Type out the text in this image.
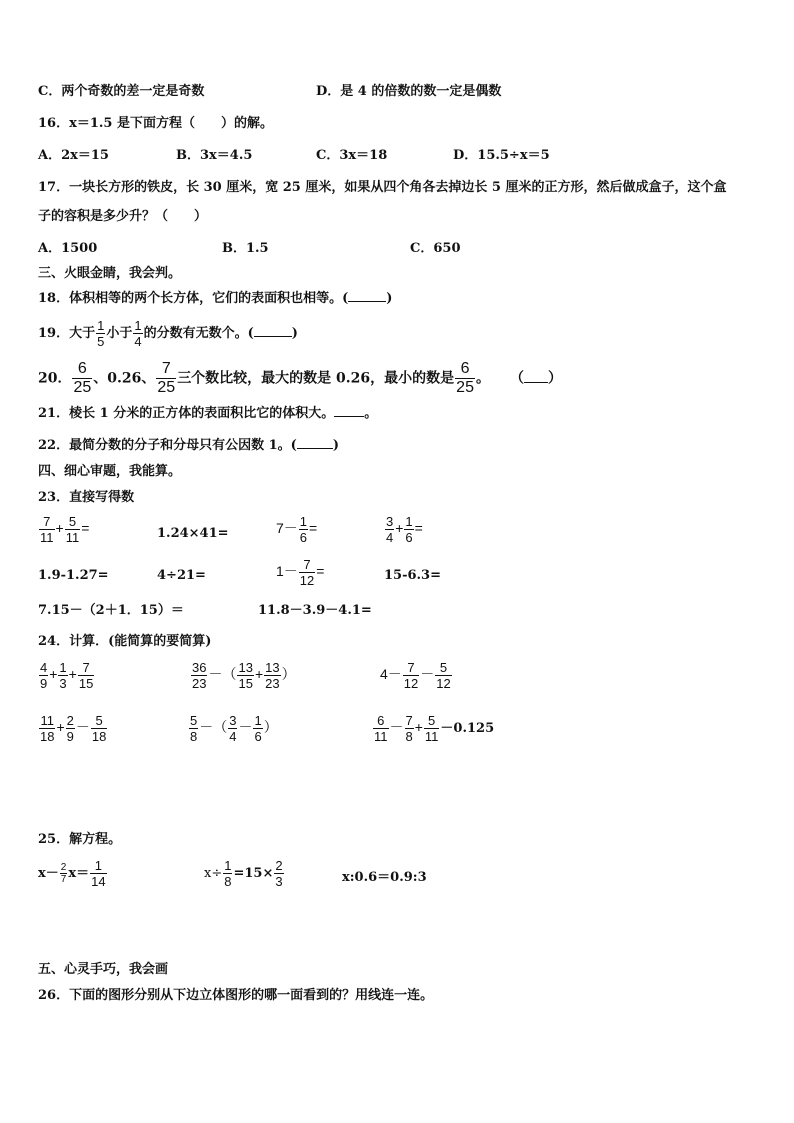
C．两个奇数的差一定是奇数	D．是 4 的倍数的数一定是偶数
16．x＝1.5 是下面方程（　　）的解。
A．2x＝15	B．3x＝4.5	C．3x＝18	D．15.5÷x＝5
17．一块长方形的铁皮，长 30 厘米，宽 25 厘米，如果从四个角各去掉边长 5 厘米的正方形，然后做成盒子，这个盒
子的容积是多少升？（　　）
A．1500	B．1.5	C．650
三、火眼金睛，我会判。
18．体积相等的两个长方体，它们的表面积也相等。(	)
19．大于 $\frac{1}{5}$ 小于 $\frac{1}{4}$ 的分数有无数个。(	)
20． $\frac{6}{25}$ 、0.26、 $\frac{7}{25}$ 三个数比较，最大的数是 0.26，最小的数是 $\frac{6}{25}$ 。 （ ）
21．棱长 1 分米的正方体的表面积比它的体积大。 。
22．最简分数的分子和分母只有公因数 1。(	)
四、细心审题，我能算。
23．直接写得数
$\frac{7}{11} + \frac{5}{11}$ =	1.24×41=	$7- \frac{1}{6}$ =	$\frac{3}{4} + \frac{1}{6}$ =
1.9-1.27=	4÷21=	$1- \frac{7}{12}$ =	15-6.3=
7.15－（2＋1．15）＝	11.8－3.9－4.1=
24．计算．(能简算的要简算)
$\frac{4}{9} + \frac{1}{3} + \frac{7}{15}$	$\frac{36}{23}$ －（ $\frac{13}{15} + \frac{13}{23}$ ）	$4- \frac{7}{12} - \frac{5}{12}$
$\frac{11}{18} + \frac{2}{9} - \frac{5}{18}$	$\frac{5}{8}$ －（ $\frac{3}{4} - \frac{1}{6}$ ）	$\frac{6}{11} - \frac{7}{8} + \frac{5}{11} -0.125$
25．解方程。
$x- \frac{2}{7} x= \frac{1}{14}$	$x\div \frac{1}{8} =15\times \frac{2}{3}$	x:0.6＝0.9:3
五、心灵手巧，我会画
26．下面的图形分别从下边立体图形的哪一面看到的？用线连一连。
